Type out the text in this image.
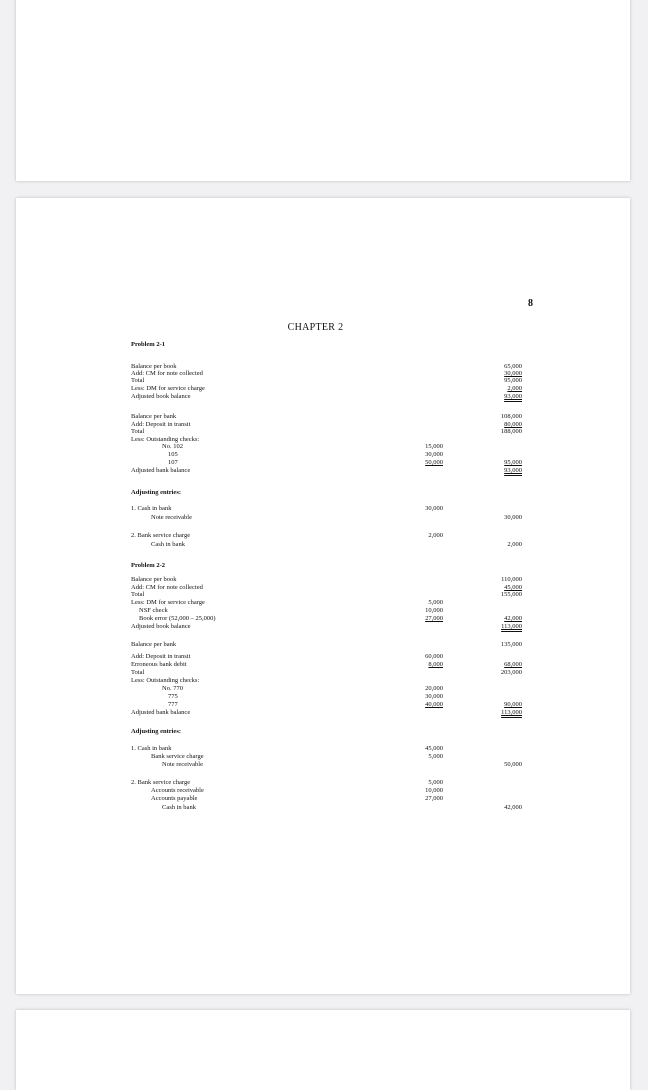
8
CHAPTER 2
Problem 2-1
Balance per book	65,000
Add: CM for note collected	30,000
Total	95,000
Less: DM for service charge	2,000
Adjusted book balance	93,000
Balance per bank	108,000
Add: Deposit in transit	80,000
Total	188,000
Less: Outstanding checks:
No. 102	15,000
105	30,000
107	50,000	95,000
Adjusted bank balance	93,000
Adjusting entries:
1. Cash in bank	30,000
Note receivable	30,000
2. Bank service charge	2,000
Cash in bank	2,000
Problem 2-2
Balance per book	110,000
Add: CM for note collected	45,000
Total	155,000
Less: DM for service charge	5,000
NSF check	10,000
Book error (52,000 – 25,000)	27,000	42,000
Adjusted book balance	113,000
Balance per bank	135,000
Add: Deposit in transit	60,000
Erroneous bank debit	8,000	68,000
Total	203,000
Less: Outstanding checks:
No. 770	20,000
775	30,000
777	40,000	90,000
Adjusted bank balance	113,000
Adjusting entries:
1. Cash in bank	45,000
Bank service charge	5,000
Note receivable	50,000
2. Bank service charge	5,000
Accounts receivable	10,000
Accounts payable	27,000
Cash in bank	42,000
